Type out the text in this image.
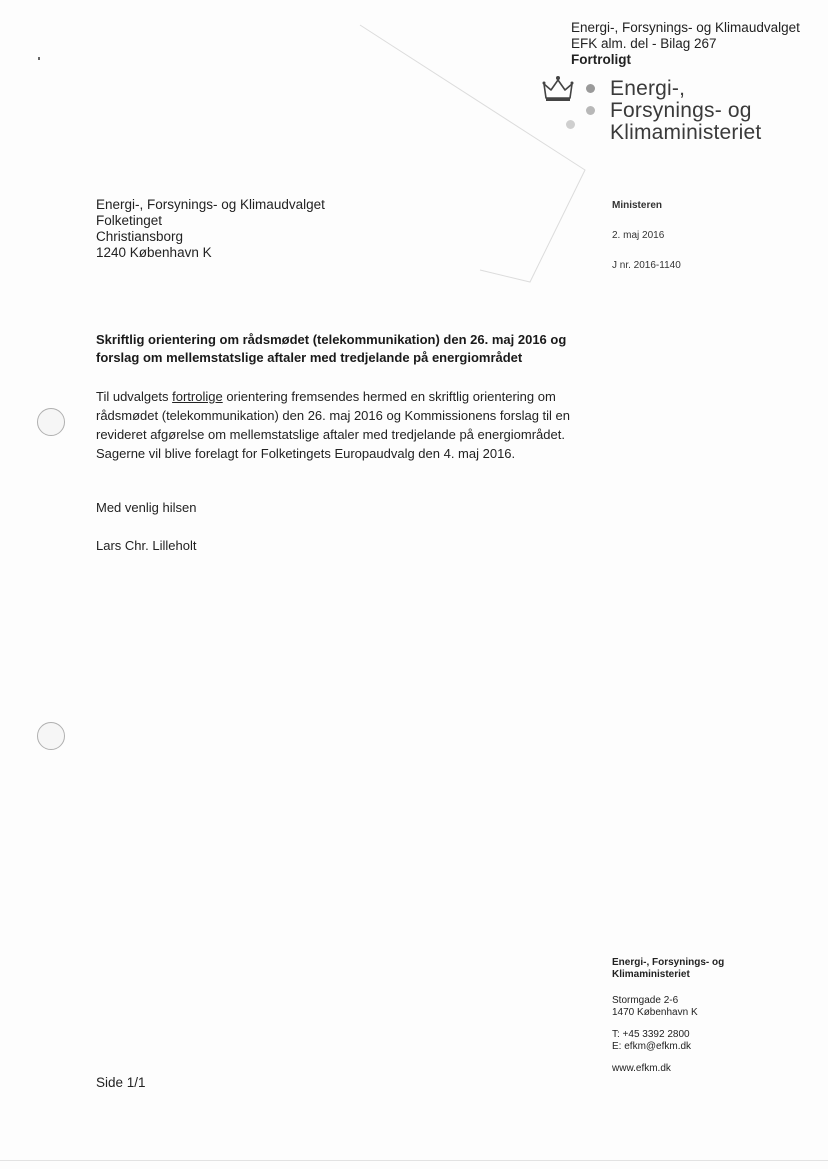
Energi-, Forsynings- og Klimaudvalget
EFK alm. del - Bilag 267
Fortroligt
Energi-,
Forsynings- og
Klimaministeriet
Energi-, Forsynings- og Klimaudvalget
Folketinget
Christiansborg
1240 København K
Ministeren
2. maj 2016
J nr. 2016-1140
Skriftlig orientering om rådsmødet (telekommunikation) den 26. maj 2016 og
forslag om mellemstatslige aftaler med tredjelande på energiområdet
Til udvalgets fortrolige orientering fremsendes hermed en skriftlig orientering om
rådsmødet (telekommunikation) den 26. maj 2016 og Kommissionens forslag til en
revideret afgørelse om mellemstatslige aftaler med tredjelande på energiområdet.
Sagerne vil blive forelagt for Folketingets Europaudvalg den 4. maj 2016.
Med venlig hilsen
Lars Chr. Lilleholt
Side 1/1
Energi-, Forsynings- og
Klimaministeriet
Stormgade 2-6
1470 København K
T: +45 3392 2800
E: efkm@efkm.dk
www.efkm.dk
